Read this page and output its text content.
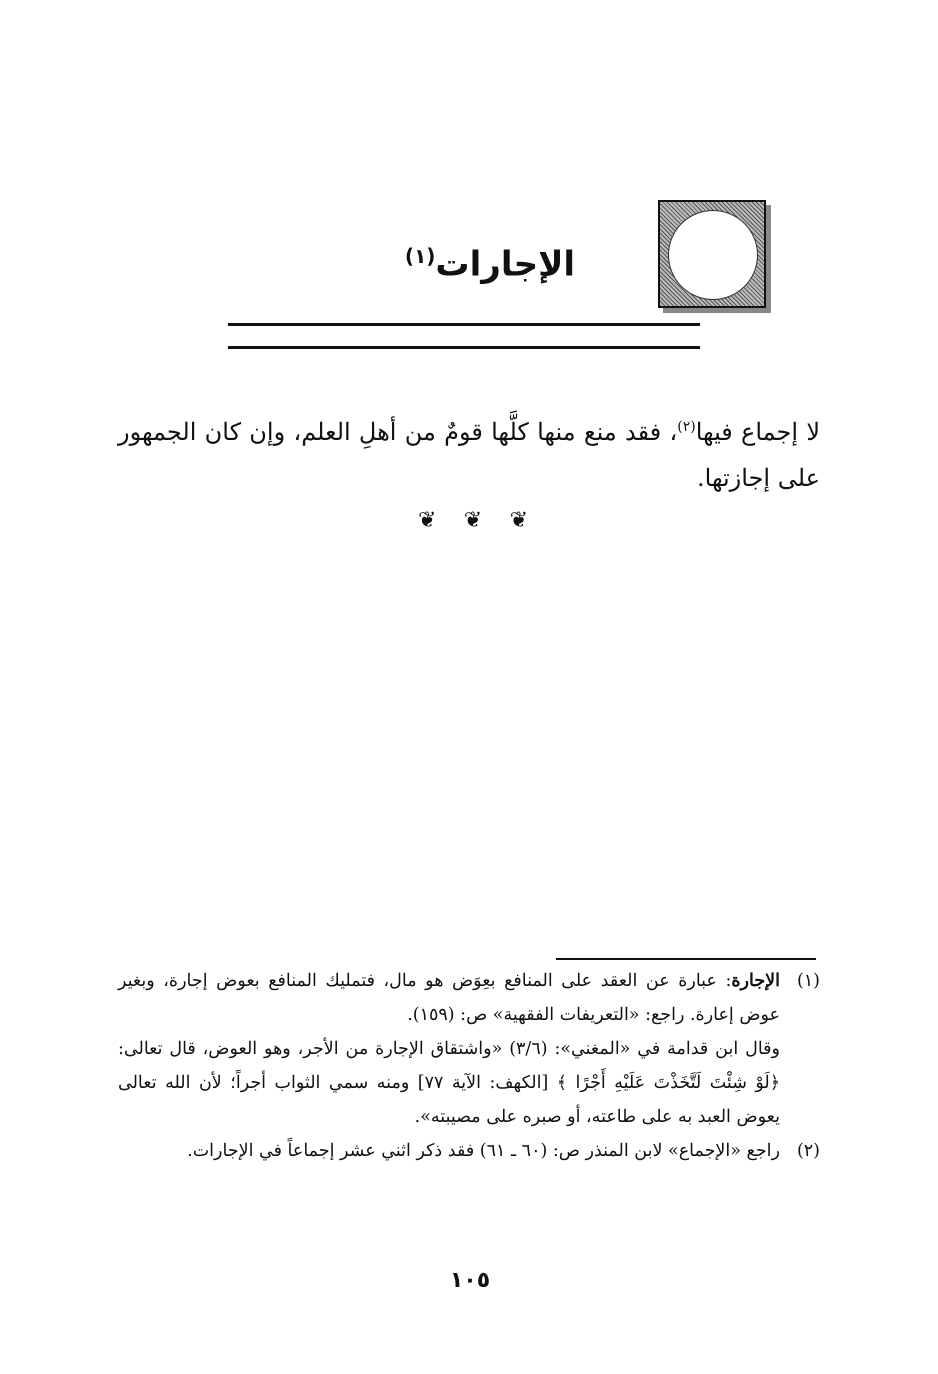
الإجارات$^{(١)}$
لا إجماع فيها$^{(٢)}$، فقد منع منها كلَّها قومٌ من أهلِ العلم، وإن كان الجمهور على إجازتها.
❦ ❦ ❦
(١)
الإجارة: عبارة عن العقد على المنافع بعِوَض هو مال، فتمليك المنافع بعوض إجارة، وبغير عوض إعارة. راجع: «التعريفات الفقهية» ص: (١٥٩).
وقال ابن قدامة في «المغني»: (٣/٦) «واشتقاق الإجارة من الأجر، وهو العوض، قال تعالى: ﴿لَوْ شِئْتَ لَتَّخَذْتَ عَلَيْهِ أَجْرًا ﴾ [الكهف: الآية ٧٧] ومنه سمي الثواب أجراً؛ لأن الله تعالى يعوض العبد به على طاعته، أو صبره على مصيبته».
(٢)
راجع «الإجماع» لابن المنذر ص: (٦٠ ـ ٦١) فقد ذكر اثني عشر إجماعاً في الإجارات.
١٠٥
